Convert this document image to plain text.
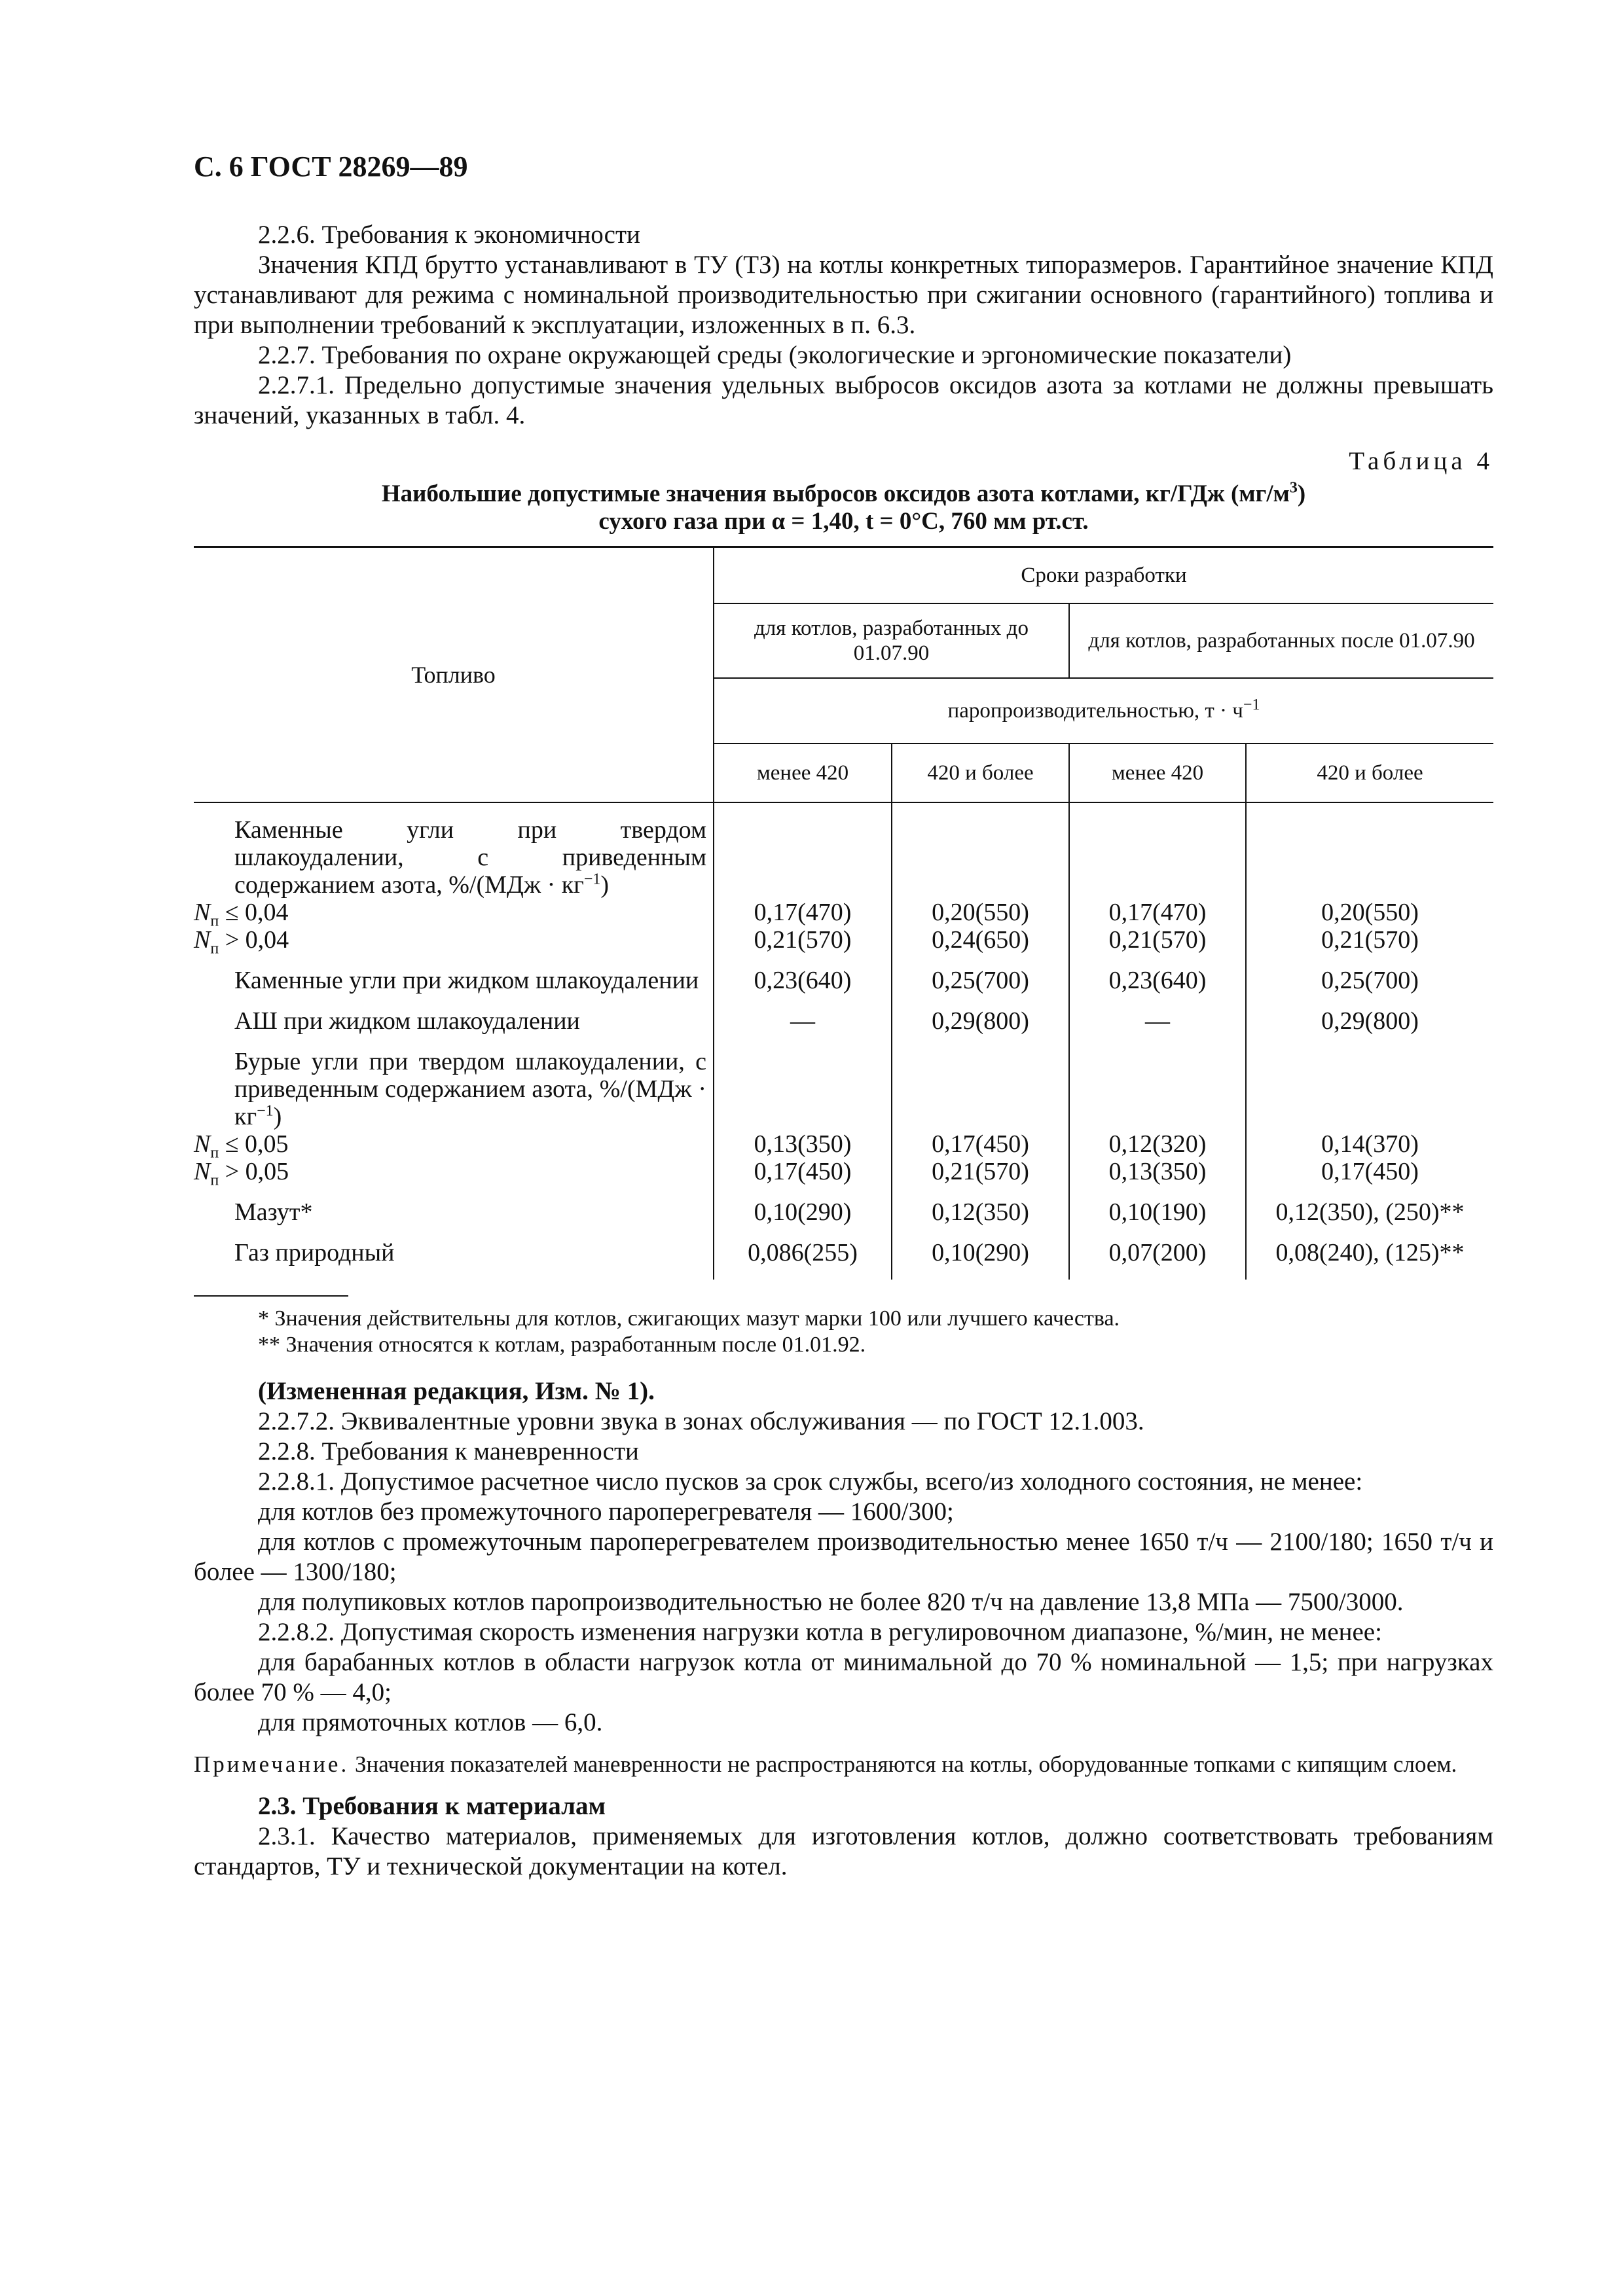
С. 6 ГОСТ 28269—89

2.2.6. Требования к экономичности

Значения КПД брутто устанавливают в ТУ (ТЗ) на котлы конкретных типоразмеров. Гарантийное значение КПД устанавливают для режима с номинальной производительностью при сжигании основного (гарантийного) топлива и при выполнении требований к эксплуатации, изложенных в п. 6.3.

2.2.7. Требования по охране окружающей среды (экологические и эргономические показатели)

2.2.7.1. Предельно допустимые значения удельных выбросов оксидов азота за котлами не должны превышать значений, указанных в табл. 4.

Таблица 4
Наибольшие допустимые значения выбросов оксидов азота котлами, кг/ГДж $(мг/м^3)$
сухого газа при α = 1,40, t = 0°С, 760 мм рт.ст.
Топливо	Сроки разработки			
	для котлов, разработанных до 01.07.90		для котлов, разработанных после 01.07.90	
	паропроизводительностью, $т \cdot ч^{-1}$
	менее 420	420 и более	менее 420	420 и более

Каменные угли при твердом шлакоудалении, с приведенным содержанием азота, $\%/(МДж \cdot кг^{-1})$				

$N_п \le 0,04$	0,17(470)	0,20(550)	0,17(470)	0,20(550)
$N_п > 0,04$	0,21(570)	0,24(650)	0,21(570)	0,21(570)

Каменные угли при жидком шлакоудалении	0,23(640)	0,25(700)	0,23(640)	0,25(700)

АШ при жидком шлакоудалении	—	0,29(800)	—	0,29(800)

Бурые угли при твердом шлакоудалении, с приведенным содержанием азота, $\%/(МДж \cdot кг^{-1})$				

$N_п \le 0,05$	0,13(350)	0,17(450)	0,12(320)	0,14(370)
$N_п > 0,05$	0,17(450)	0,21(570)	0,13(350)	0,17(450)

Мазут*	0,10(290)	0,12(350)	0,10(190)	0,12(350), (250)**

Газ природный	0,086(255)	0,10(290)	0,07(200)	0,08(240), (125)**

* Значения действительны для котлов, сжигающих мазут марки 100 или лучшего качества.
** Значения относятся к котлам, разработанным после 01.01.92.

(Измененная редакция, Изм. № 1).

2.2.7.2. Эквивалентные уровни звука в зонах обслуживания — по ГОСТ 12.1.003.

2.2.8. Требования к маневренности

2.2.8.1. Допустимое расчетное число пусков за срок службы, всего/из холодного состояния, не менее:

для котлов без промежуточного пароперегревателя — 1600/300;

для котлов с промежуточным пароперегревателем производительностью менее 1650 т/ч — 2100/180; 1650 т/ч и более — 1300/180;

для полупиковых котлов паропроизводительностью не более 820 т/ч на давление 13,8 МПа — 7500/3000.

2.2.8.2. Допустимая скорость изменения нагрузки котла в регулировочном диапазоне, %/мин, не менее:

для барабанных котлов в области нагрузок котла от минимальной до 70 % номинальной — 1,5; при нагрузках более 70 % — 4,0;

для прямоточных котлов — 6,0.

Примечание. Значения показателей маневренности не распространяются на котлы, оборудованные топками с кипящим слоем.

2.3. Требования к материалам

2.3.1. Качество материалов, применяемых для изготовления котлов, должно соответствовать требованиям стандартов, ТУ и технической документации на котел.
